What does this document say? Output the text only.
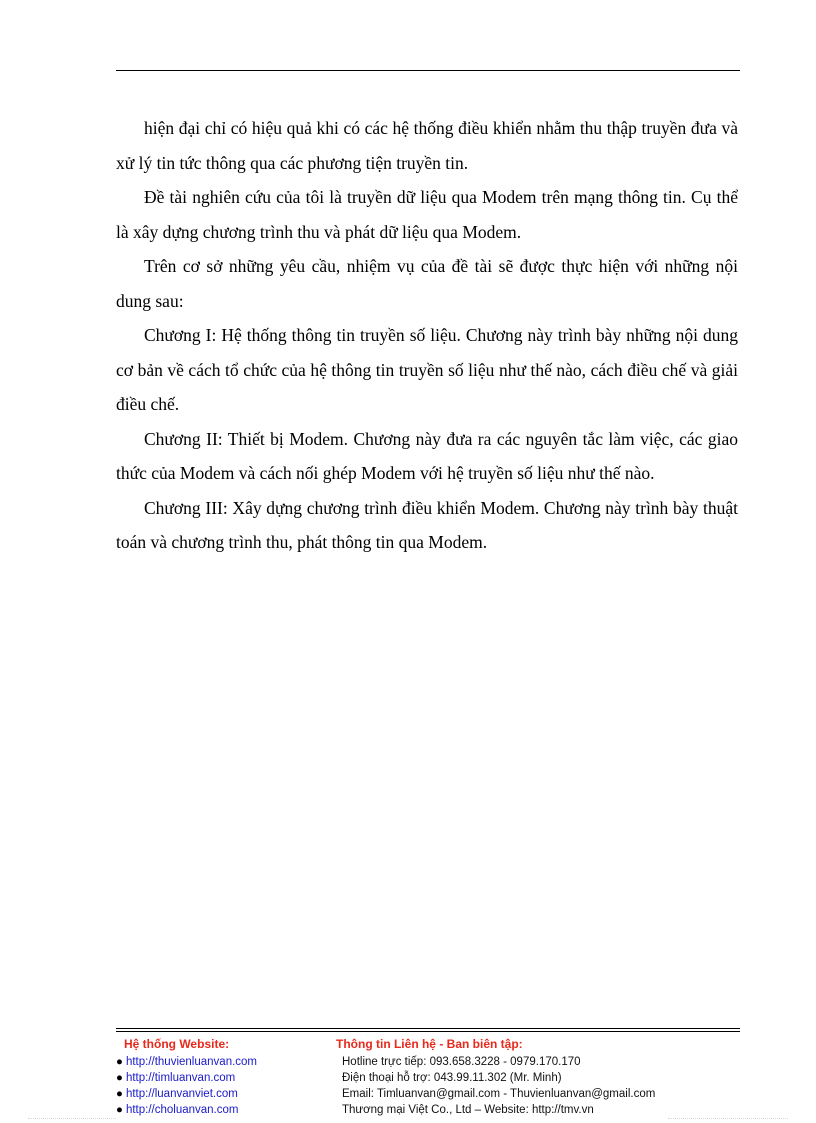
hiện đại chỉ có hiệu quả khi có các hệ thống điều khiển nhằm thu thập truyền đưa và xử lý tin tức thông qua các phương tiện truyền tin.

Đề tài nghiên cứu của tôi là truyền dữ liệu qua Modem trên mạng thông tin. Cụ thể là xây dựng chương trình thu và phát dữ liệu qua Modem.

Trên cơ sở những yêu cầu, nhiệm vụ của đề tài sẽ được thực hiện với những nội dung sau:

Chương I: Hệ thống thông tin truyền số liệu. Chương này trình bày những nội dung cơ bản về cách tổ chức của hệ thông tin truyền số liệu như thế nào, cách điều chế và giải điều chế.

Chương II: Thiết bị Modem. Chương này đưa ra các nguyên tắc làm việc, các giao thức của Modem và cách nối ghép Modem với hệ truyền số liệu như thế nào.

Chương III: Xây dựng chương trình điều khiển Modem. Chương này trình bày thuật toán và chương trình thu, phát thông tin qua Modem.

Hệ thống Website:
● http://thuvienluanvan.com
● http://timluanvan.com
● http://luanvanviet.com
● http://choluanvan.com
Thông tin Liên hệ - Ban biên tập:
Hotline trực tiếp: 093.658.3228 - 0979.170.170
Điện thoại hỗ trợ: 043.99.11.302 (Mr. Minh)
Email: Timluanvan@gmail.com - Thuvienluanvan@gmail.com
Thương mại Việt Co., Ltd – Website: http://tmv.vn
